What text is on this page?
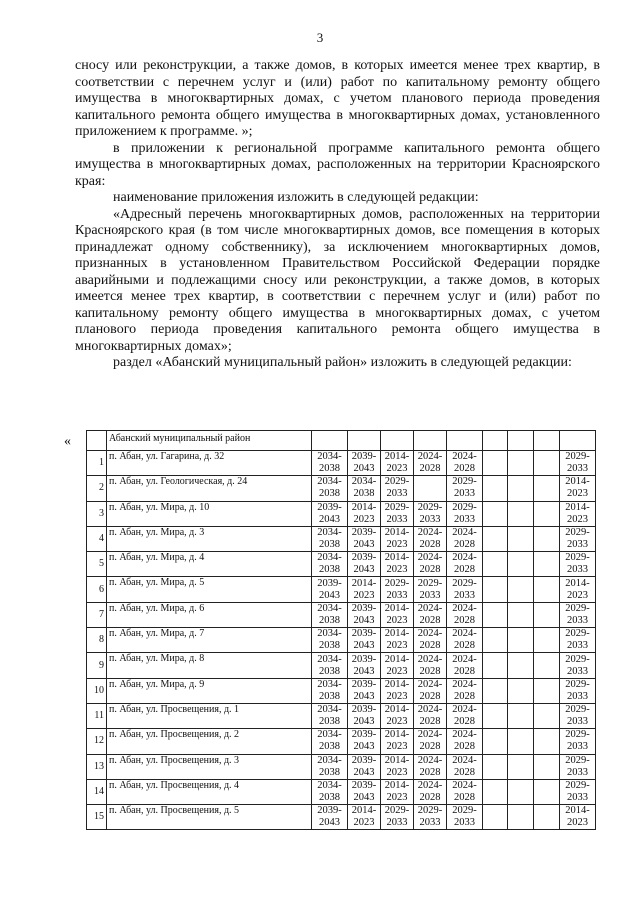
3

сносу или реконструкции, а также домов, в которых имеется менее трех квартир, в соответствии с перечнем услуг и (или) работ по капитальному ремонту общего имущества в многоквартирных домах, с учетом планового периода проведения капитального ремонта общего имущества в многоквартирных домах, установленного приложением к программе. »;

в приложении к региональной программе капитального ремонта общего имущества в многоквартирных домах, расположенных на территории Красноярского края:

наименование приложения изложить в следующей редакции:

«Адресный перечень многоквартирных домов, расположенных на территории Красноярского края (в том числе многоквартирных домов, все помещения в которых принадлежат одному собственнику), за исключением многоквартирных домов, признанных в установленном Правительством Российской Федерации порядке аварийными и подлежащими сносу или реконструкции, а также домов, в которых имеется менее трех квартир, в соответствии с перечнем услуг и (или) работ по капитальному ремонту общего имущества в многоквартирных домах, с учетом планового периода проведения капитального ремонта общего имущества в многоквартирных домах»;

раздел «Абанский муниципальный район» изложить в следующей редакции:

«
		Абанский муниципальный район									
1	п. Абан, ул. Гагарина, д. 32	2034-2038	2039-2043	2014-2023	2024-2028	2024-2028				2029-2033
2	п. Абан, ул. Геологическая, д. 24	2034-2038	2034-2038	2029-2033		2029-2033				2014-2023
3	п. Абан, ул. Мира, д. 10	2039-2043	2014-2023	2029-2033	2029-2033	2029-2033				2014-2023
4	п. Абан, ул. Мира, д. 3	2034-2038	2039-2043	2014-2023	2024-2028	2024-2028				2029-2033
5	п. Абан, ул. Мира, д. 4	2034-2038	2039-2043	2014-2023	2024-2028	2024-2028				2029-2033
6	п. Абан, ул. Мира, д. 5	2039-2043	2014-2023	2029-2033	2029-2033	2029-2033				2014-2023
7	п. Абан, ул. Мира, д. 6	2034-2038	2039-2043	2014-2023	2024-2028	2024-2028				2029-2033
8	п. Абан, ул. Мира, д. 7	2034-2038	2039-2043	2014-2023	2024-2028	2024-2028				2029-2033
9	п. Абан, ул. Мира, д. 8	2034-2038	2039-2043	2014-2023	2024-2028	2024-2028				2029-2033
10	п. Абан, ул. Мира, д. 9	2034-2038	2039-2043	2014-2023	2024-2028	2024-2028				2029-2033
11	п. Абан, ул. Просвещения, д. 1	2034-2038	2039-2043	2014-2023	2024-2028	2024-2028				2029-2033
12	п. Абан, ул. Просвещения, д. 2	2034-2038	2039-2043	2014-2023	2024-2028	2024-2028				2029-2033
13	п. Абан, ул. Просвещения, д. 3	2034-2038	2039-2043	2014-2023	2024-2028	2024-2028				2029-2033
14	п. Абан, ул. Просвещения, д. 4	2034-2038	2039-2043	2014-2023	2024-2028	2024-2028				2029-2033
15	п. Абан, ул. Просвещения, д. 5	2039-2043	2014-2023	2029-2033	2029-2033	2029-2033				2014-2023
